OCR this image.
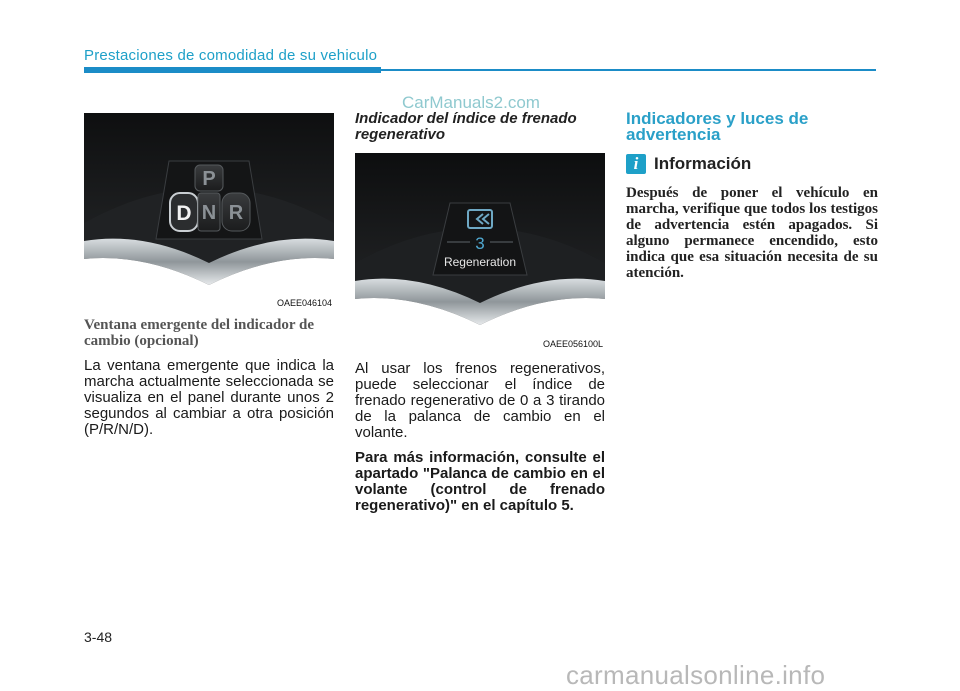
Prestaciones de comodidad de su vehiculo
CarManuals2.com
P
D N R
OAEE046104
Ventana emergente del indicador de cambio (opcional)

La ventana emergente que indica la marcha actualmente seleccionada se visualiza en el panel durante unos 2 segundos al cambiar a otra posición (P/R/N/D).

Indicador del índice de frenado regenerativo
3
Regeneration
OAEE056100L

Al usar los frenos regenerativos, puede seleccionar el índice de frenado regenerativo de 0 a 3 tirando de la palanca de cambio en el volante.

Para más información, consulte el apartado "Palanca de cambio en el volante (control de frenado regenerativo)" en el capítulo 5.

Indicadores y luces de advertencia
i Información

Después de poner el vehículo en marcha, verifique que todos los testigos de advertencia estén apagados. Si alguno permanece encendido, esto indica que esa situación necesita de su atención.

3-48
carmanualsonline.info
